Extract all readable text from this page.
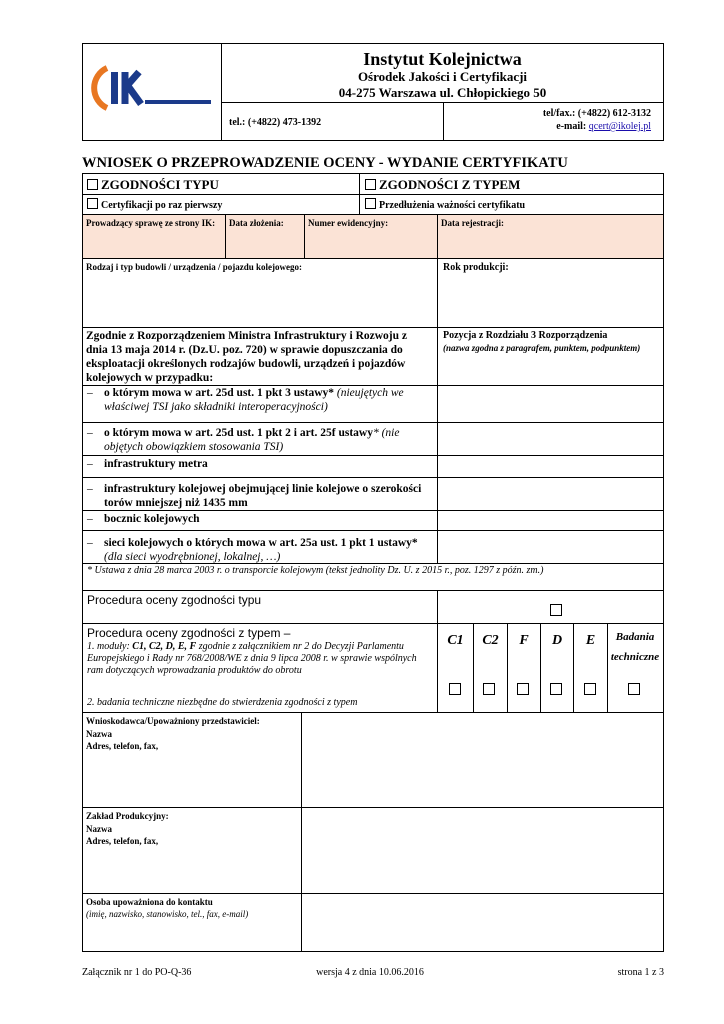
Instytut Kolejnictwa
Ośrodek Jakości i Certyfikacji
04-275 Warszawa ul. Chłopickiego 50
tel.: (+4822) 473-1392
tel/fax.: (+4822) 612-3132
e-mail: qcert@ikolej.pl
WNIOSEK O PRZEPROWADZENIE OCENY - WYDANIE CERTYFIKATU
ZGODNOŚCI TYPU	ZGODNOŚCI Z TYPEM
Certyfikacji po raz pierwszy	Przedłużenia ważności certyfikatu
Prowadzący sprawę ze strony IK:	Data złożenia:	Numer ewidencyjny:	Data rejestracji:
Rodzaj i typ budowli / urządzenia / pojazdu kolejowego:	Rok produkcji:
Zgodnie z Rozporządzeniem Ministra Infrastruktury i Rozwoju z dnia 13 maja 2014 r. (Dz.U. poz. 720) w sprawie dopuszczania do eksploatacji określonych rodzajów budowli, urządzeń i pojazdów kolejowych w przypadku:
Pozycja z Rozdziału 3 Rozporządzenia
(nazwa zgodna z paragrafem, punktem, podpunktem)
– o którym mowa w art. 25d ust. 1 pkt 3 ustawy* (nieujętych we właściwej TSI jako składniki interoperacyjności)
– o którym mowa w art. 25d ust. 1 pkt 2 i art. 25f ustawy* (nie objętych obowiązkiem stosowania TSI)
– infrastruktury metra
– infrastruktury kolejowej obejmującej linie kolejowe o szerokości torów mniejszej niż 1435 mm
– bocznic kolejowych
– sieci kolejowych o których mowa w art. 25a ust. 1 pkt 1 ustawy* (dla sieci wyodrębnionej, lokalnej, …)
* Ustawa z dnia 28 marca 2003 r. o transporcie kolejowym (tekst jednolity Dz. U. z 2015 r., poz. 1297 z późn. zm.)
Procedura oceny zgodności typu
Procedura oceny zgodności z typem –
1. moduły: C1, C2, D, E, F zgodnie z załącznikiem nr 2 do Decyzji Parlamentu Europejskiego i Rady nr 768/2008/WE z dnia 9 lipca 2008 r. w sprawie wspólnych ram dotyczących wprowadzania produktów do obrotu
2. badania techniczne niezbędne do stwierdzenia zgodności z typem
C1	C2	F	D	E	Badania techniczne
Wnioskodawca/Upoważniony przedstawiciel:
Nazwa
Adres, telefon, fax,
Zakład Produkcyjny:
Nazwa
Adres, telefon, fax,
Osoba upoważniona do kontaktu
(imię, nazwisko, stanowisko, tel., fax, e-mail)
Załącznik nr 1 do PO-Q-36	wersja 4 z dnia 10.06.2016	strona 1 z 3
